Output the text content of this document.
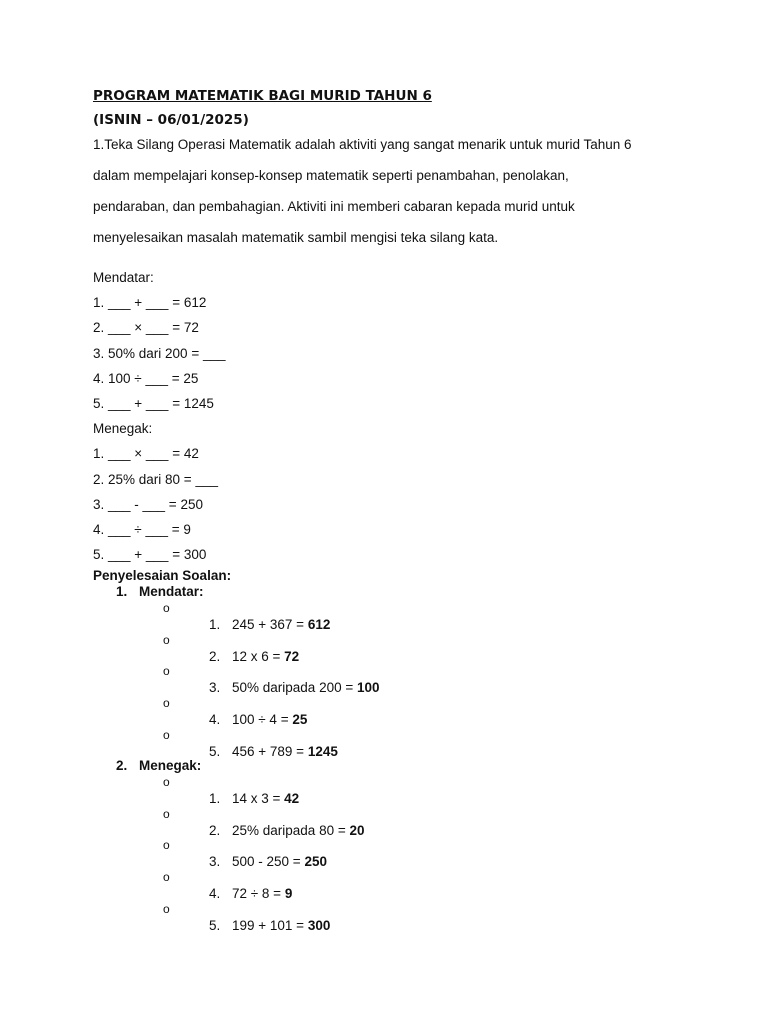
PROGRAM MATEMATIK BAGI MURID TAHUN 6
(ISNIN – 06/01/2025)
1.Teka Silang Operasi Matematik adalah aktiviti yang sangat menarik untuk murid Tahun 6
dalam mempelajari konsep-konsep matematik seperti penambahan, penolakan,
pendaraban, dan pembahagian. Aktiviti ini memberi cabaran kepada murid untuk
menyelesaikan masalah matematik sambil mengisi teka silang kata.
Mendatar:
1. ___ + ___ = 612
2. ___ × ___ = 72
3. 50% dari 200 = ___
4. 100 ÷ ___ = 25
5. ___ + ___ = 1245
Menegak:
1. ___ × ___ = 42
2. 25% dari 80 = ___
3. ___ - ___ = 250
4. ___ ÷ ___ = 9
5. ___ + ___ = 300
Penyelesaian Soalan:
1. Mendatar:
o
1. 245 + 367 = 612
o
2. 12 x 6 = 72
o
3. 50% daripada 200 = 100
o
4. 100 ÷ 4 = 25
o
5. 456 + 789 = 1245
2. Menegak:
o
1. 14 x 3 = 42
o
2. 25% daripada 80 = 20
o
3. 500 - 250 = 250
o
4. 72 ÷ 8 = 9
o
5. 199 + 101 = 300
